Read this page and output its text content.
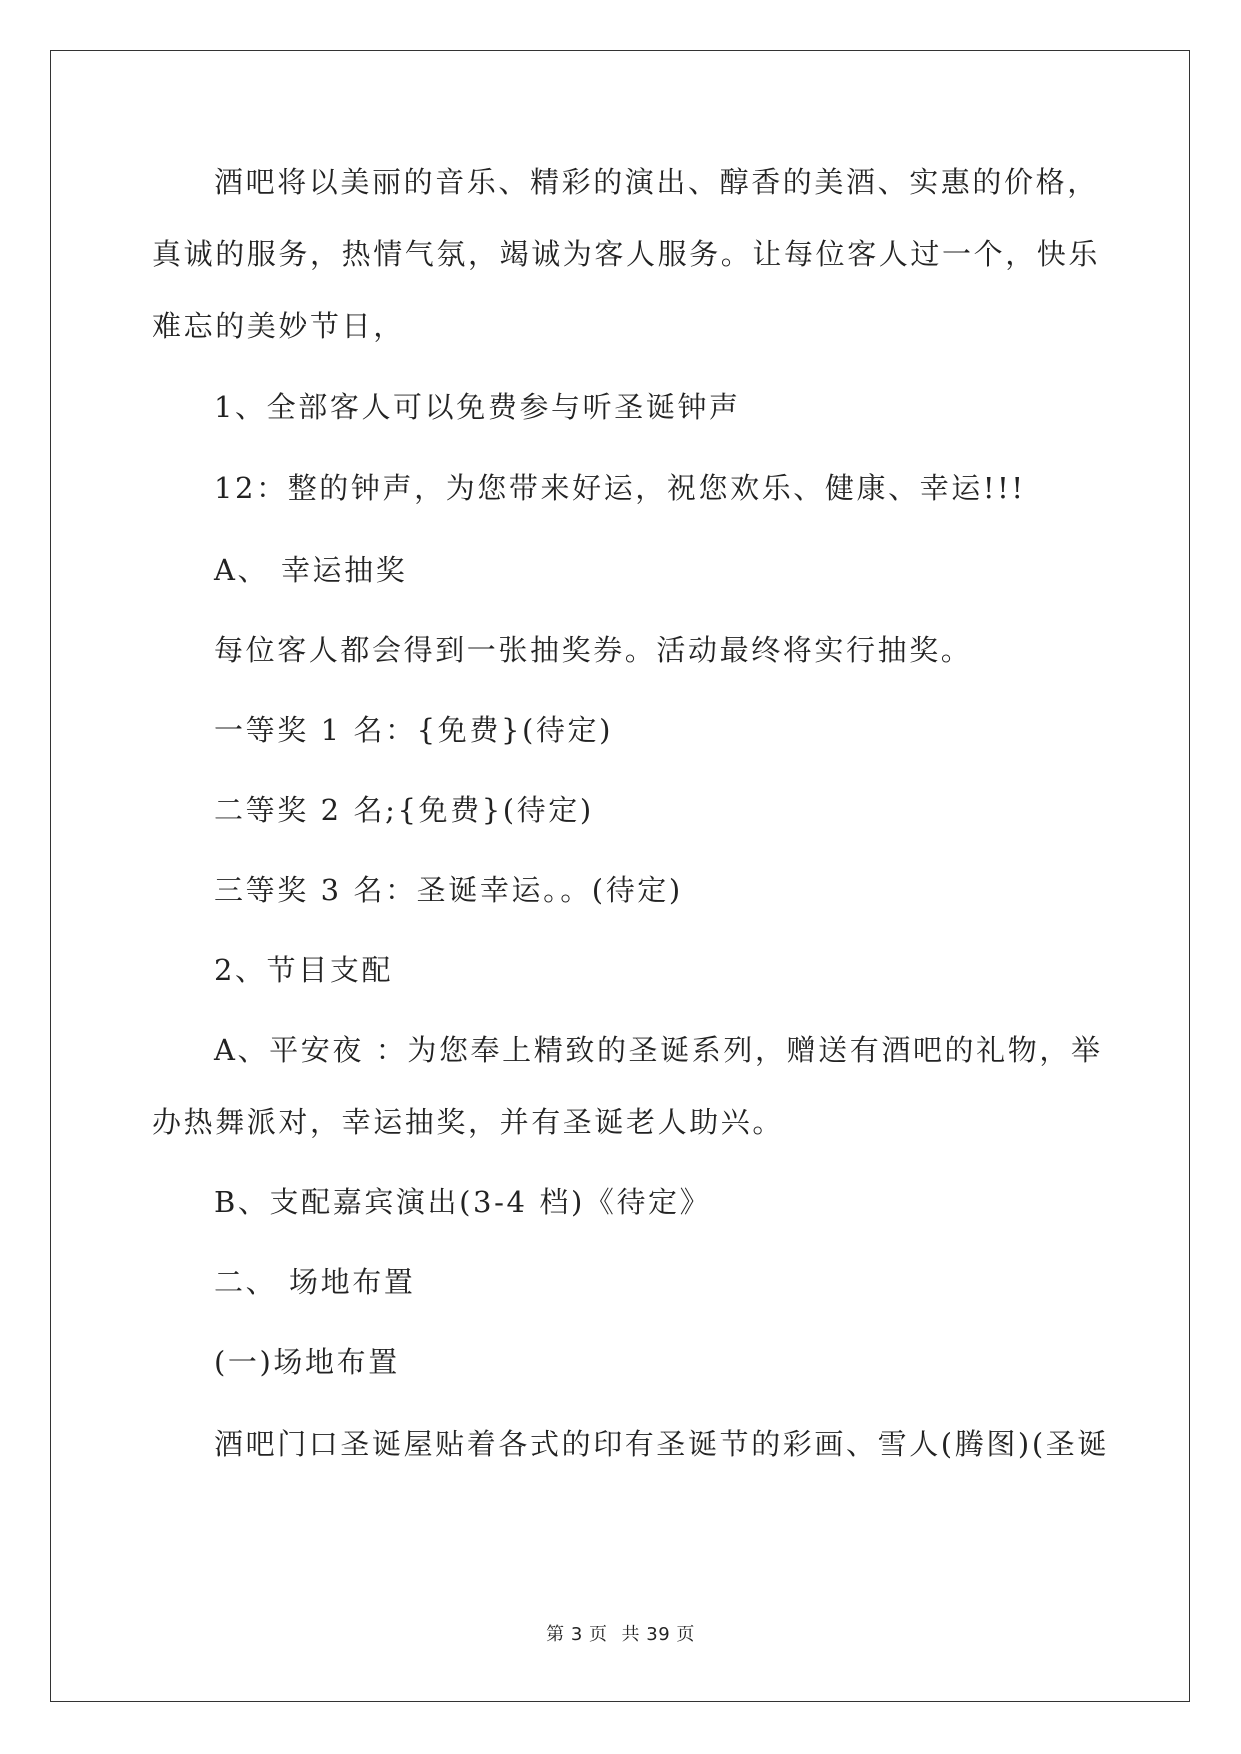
酒吧将以美丽的音乐、精彩的演出、醇香的美酒、实惠的价格，
真诚的服务，热情气氛，竭诚为客人服务。让每位客人过一个，快乐
难忘的美妙节日，
1、全部客人可以免费参与听圣诞钟声
12：整的钟声，为您带来好运，祝您欢乐、健康、幸运!!!
A、 幸运抽奖
每位客人都会得到一张抽奖券。活动最终将实行抽奖。
一等奖 1 名：{免费}(待定)
二等奖 2 名;{免费}(待定)
三等奖 3 名：圣诞幸运。。(待定)
2、节目支配
A、平安夜 ：为您奉上精致的圣诞系列，赠送有酒吧的礼物，举
办热舞派对，幸运抽奖，并有圣诞老人助兴。
B、支配嘉宾演出(3-4 档)《待定》
二、 场地布置
(一)场地布置
酒吧门口圣诞屋贴着各式的印有圣诞节的彩画、雪人(腾图)(圣诞
第 3 页 共 39 页
